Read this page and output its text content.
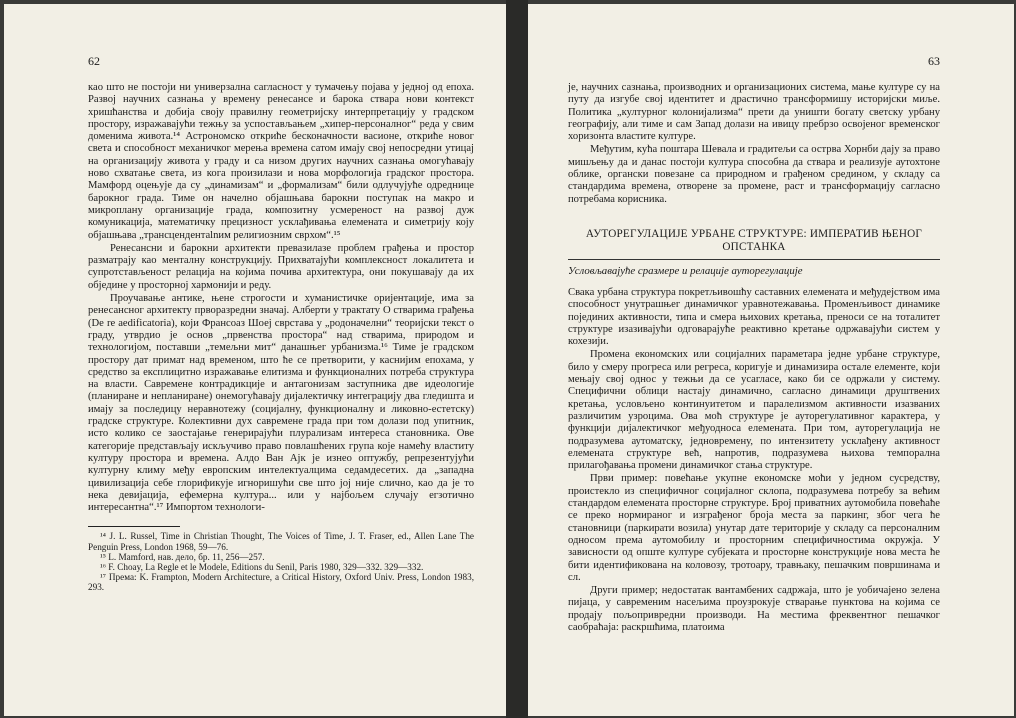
62

као што не постоји ни универзална сагласност у тумачењу појава у једној од епоха. Развој научних сазнања у времену ренесансе и барока ствара нови контекст хришћанства и добија своју правилну геометријску интерпретацију у градском простору, изражавајући тежњу за успостављањем „хипер-персоналног“ реда у свим доменима живота.¹⁴ Астрономско откриће бесконачности васионе, откриће новог света и способност механичког мерења времена сатом имају свој непосредни утицај на организацију живота у граду и са низом других научних сазнања омогућавају ново схватање света, из кога произилази и нова морфологија градског простора. Мамфорд оцењује да су „динамизам“ и „формализам“ били одлучујуће одреднице барокног града. Тиме он начелно објашњава барокни поступак на макро и микроплану организације града, композитну усмереност на развој дуж комуникација, математичку прецизност усклађивања елемената и симетрију коју објашњава „трансцендентаlnим религиозним сврхом“.¹⁵

Ренесансни и барокни архитекти превазилазе проблем грађења и простор разматрају као менталну конструкцију. Прихватајући комплексност локалитета и супротстављеност релација на којима почива архитектура, они покушавају да их обједине у просторној хармонији и реду.

Проучавање антике, њене строгости и хуманистичке оријентације, има за ренесансног архитекту прворазредни значај. Алберти у трактату О стварима грађења (De re aedificatoria), који Франсоаз Шоеј сврстава у „родоначелни“ теоријски текст о граду, утврдио је основ „првенства простора“ над стварима, природом и технологијом, поставши „темељни мит“ данашњег урбанизма.¹⁶ Тиме је градском простору дат примат над временом, што ће се претворити, у каснијим епохама, у средство за експлицитно изражавање елитизма и функционалних потреба структура на власти. Савремене контрадикције и антагонизам заступника две идеологије (планиране и непланиране) онемогућавају дијалектичку интеграцију два гледишта и имају за последицу неравнотежу (социјалну, функционалну и ликовно-естетску) градске структуре. Колективни дух савремене града при том долази под упитник, исто колико се заостајање генерирајући плурализам интереса становника. Ове категорије представљају искључиво право повлашћених група које намећу властиту културу простора и времена. Алдо Ван Ајк је изнео оптужбу, репрезентујући културну климу међу европским интелектуалцима седамдесетих. да „западна цивилизација себе глорификује игноришући све што јој није слично, као да је то нека девијација, ефемерна култура... или у најбољем случају егзотично интересантна“.¹⁷ Импортом технологи-

¹⁴ J. L. Russel, Time in Christian Thought, The Voices of Time, J. T. Fraser, ed., Allen Lane The Penguin Press, London 1968, 59—76.

¹⁵ L. Mamford, нав. дело, бр. 11, 256—257.

¹⁶ F. Choay, La Regle et le Modele, Editions du Senil, Paris 1980, 329—332. 329—332.

¹⁷ Према: K. Frampton, Modern Architecture, a Critical History, Oxford Univ. Press, London 1983, 293.

63

је, научних сазнања, производних и организационих система, мање културе су на путу да изгубе свој идентитет и драстично трансформишу историјски миље. Политика „културног колонијализма“ прети да уништи богату светску урбану географију, али тиме и сам Запад долази на ивицу пребрзо освојеног временског хоризонта властите културе.

Међутим, кућа поштара Шевала и градитељи са острва Хорнби дају за право мишљењу да и данас постоји култура способна да ствара и реализује аутохтоне облике, органски повезане са природном и грађеном срединoм, у складу са стандардима времена, отворене за промене, раст и трансформацију сагласно потребама корисника.

АУТОРЕГУЛАЦИЈЕ УРБАНЕ СТРУКТУРЕ: ИМПЕРАТИВ ЊЕНОГ ОПСТАНКА
Условљавајуће сразмере и релације ауторегулације

Свака урбана структура покретљивошћу саставних елемената и међудејством има способност унутрашњег динамичког уравнотежавања. Променљивост динамике појединих активности, типа и смера њихових кретања, преноси се на тоталитет структуре изазивајући одговарајуће реактивно кретање одржавајући систем у кохезији.

Промена економских или социјалних параметара једне урбане структуре, било у смеру прогреса или регреса, коригује и динамизира остале елементе, који мењају свој однос у тежњи да се усагласе, како би се одржали у систему. Специфични облици настају динамично, сагласно динамици друштвених кретања, условљено континуитетом и паралелизмом активности изазваних различитим узроцима. Ова моћ структуре је ауторегулативног карактера, у функцији дијалектичког међуодноса елемената. При том, ауторегулација не подразумева аутоматску, једновремену, по интензитету усклађену активност елемената структуре већ, напротив, подразумева њихова темпорална прилагођавања промени динамичког стања структуре.

Први пример: повећање укупне економске моћи у једном сусредству, проистекло из специфичног социјалног склопа, подразумева потребу за већим стандардом елемената просторне структуре. Број приватних аутомобила повећаће се преко нормираног и изграђеног броја места за паркинг, због чега ће становници (паркирати возила) унутар дате територије у складу са персоналним односом према аутомобилу и просторним специфичностима окружја. У зависности од опште културе субјеката и просторне конструкције нова места ће бити идентификована на коловозу, тротоару, травњаку, пешачким површинама и сл.

Други пример; недостатак вантамбених садржаја, што је уобичајено зелена пијаца, у савременим насељима проузрокује стварање пунктова на којима се продају пољопривредни производи. На местима фреквентног пешачког саобраћаја: раскршћима, платоима
